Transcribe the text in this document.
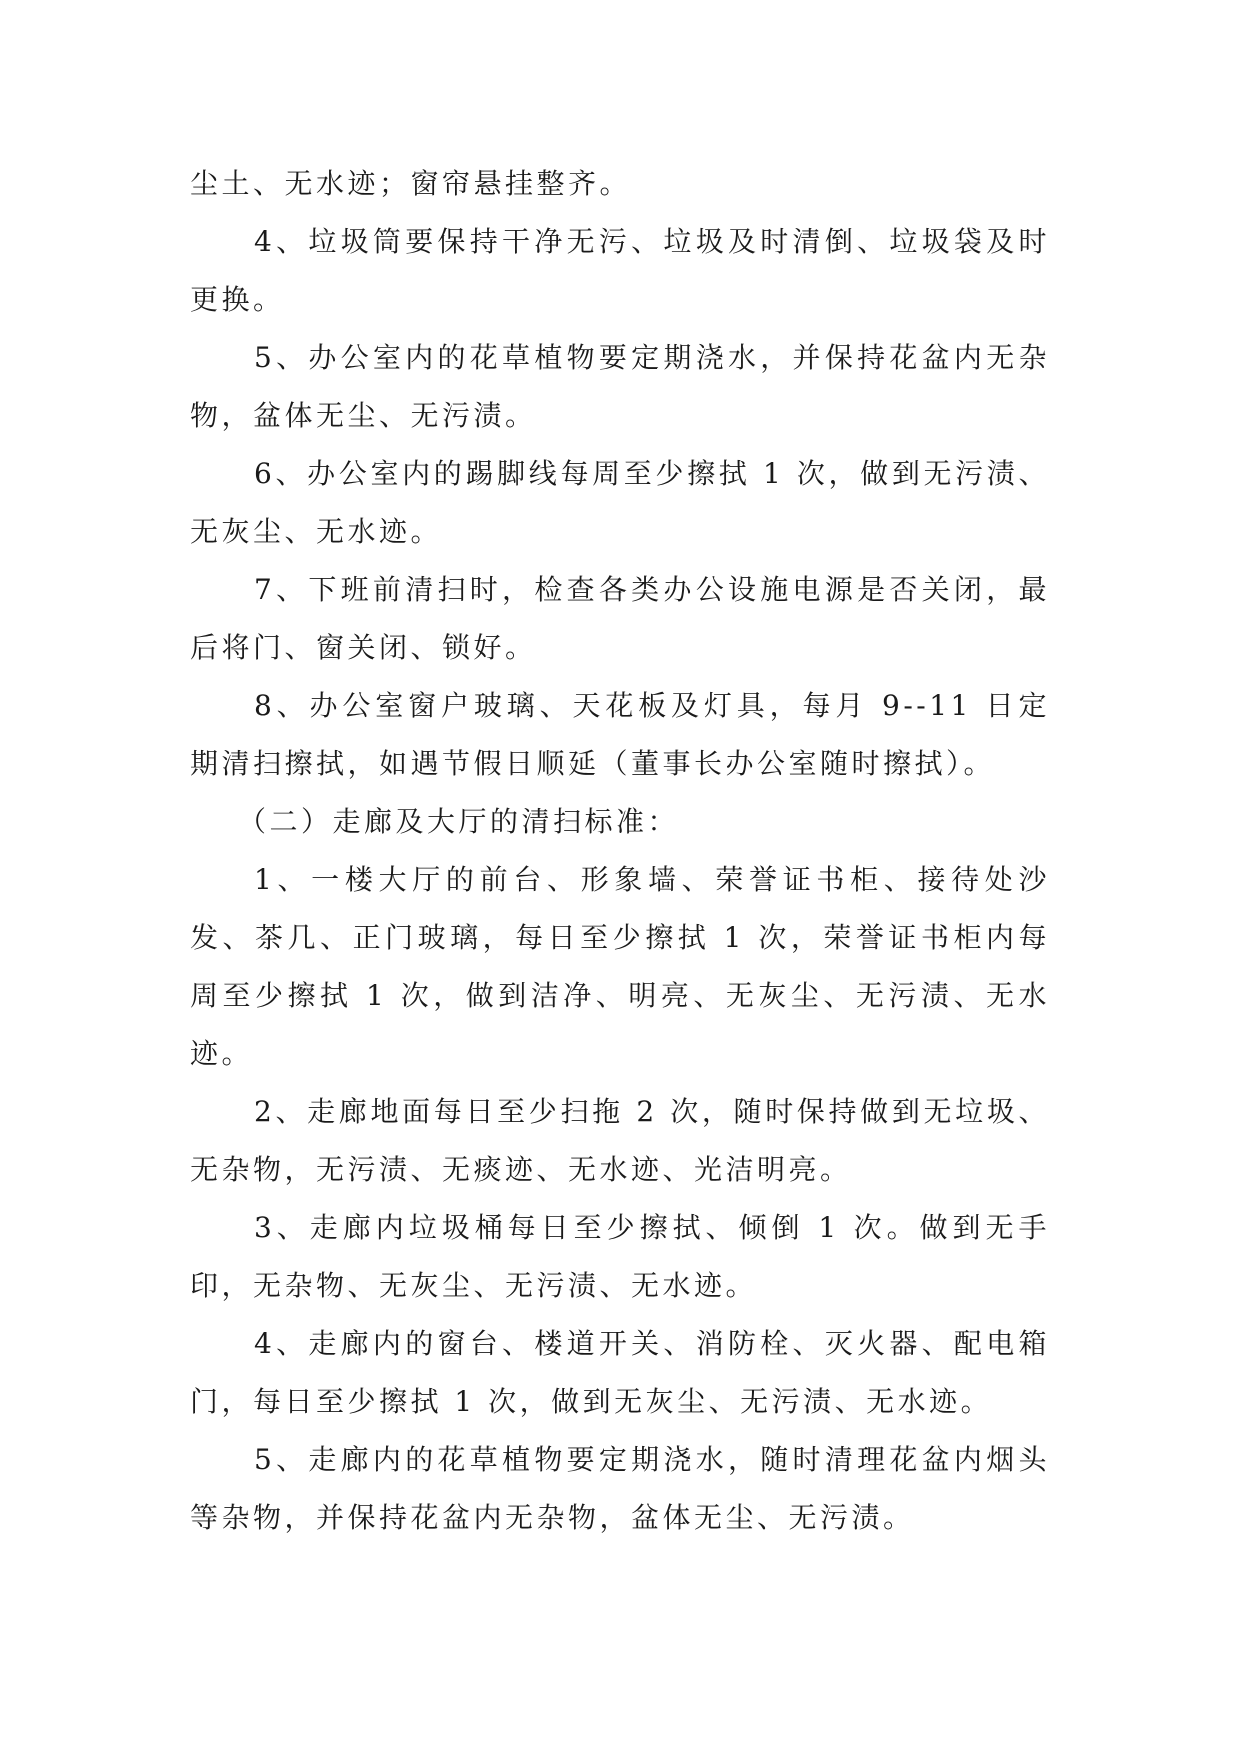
尘土、无水迹；窗帘悬挂整齐。

4、垃圾筒要保持干净无污、垃圾及时清倒、垃圾袋及时更换。

5、办公室内的花草植物要定期浇水，并保持花盆内无杂物，盆体无尘、无污渍。

6、办公室内的踢脚线每周至少擦拭 1 次，做到无污渍、无灰尘、无水迹。

7、下班前清扫时，检查各类办公设施电源是否关闭，最后将门、窗关闭、锁好。

8、办公室窗户玻璃、天花板及灯具，每月 9--11 日定期清扫擦拭，如遇节假日顺延（董事长办公室随时擦拭）。

（二）走廊及大厅的清扫标准：

1、一楼大厅的前台、形象墙、荣誉证书柜、接待处沙发、茶几、正门玻璃，每日至少擦拭 1 次，荣誉证书柜内每周至少擦拭 1 次，做到洁净、明亮、无灰尘、无污渍、无水迹。

2、走廊地面每日至少扫拖 2 次，随时保持做到无垃圾、无杂物，无污渍、无痰迹、无水迹、光洁明亮。

3、走廊内垃圾桶每日至少擦拭、倾倒 1 次。做到无手印，无杂物、无灰尘、无污渍、无水迹。

4、走廊内的窗台、楼道开关、消防栓、灭火器、配电箱门，每日至少擦拭 1 次，做到无灰尘、无污渍、无水迹。

5、走廊内的花草植物要定期浇水，随时清理花盆内烟头等杂物，并保持花盆内无杂物，盆体无尘、无污渍。
